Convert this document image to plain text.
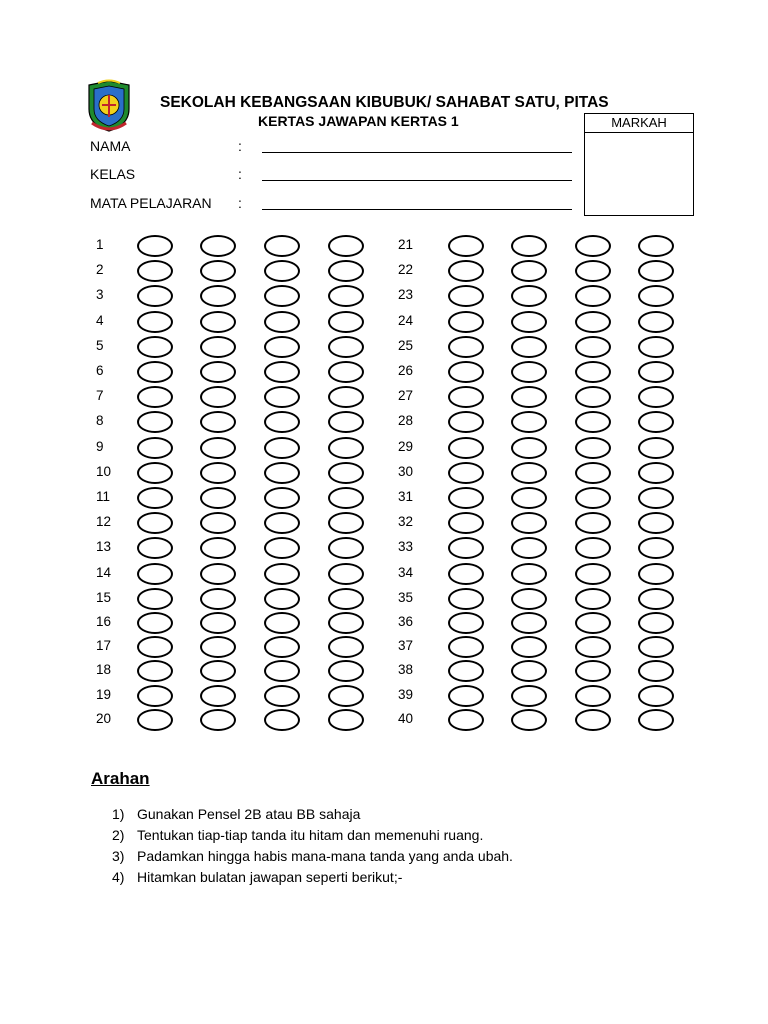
SEKOLAH KEBANGSAAN KIBUBUK/ SAHABAT SATU, PITAS
KERTAS JAWAPAN KERTAS 1	MARKAH
NAMA	:
KELAS	:
MATA PELAJARAN :
1
2
3
4
5
6
7
8
9
10
11
12
13
14
15
16
17
18
19
20
21
22
23
24
25
26
27
28
29
30
31
32
33
34
35
36
37
38
39
40
Arahan
1) Gunakan Pensel 2B atau BB sahaja
2) Tentukan tiap-tiap tanda itu hitam dan memenuhi ruang.
3) Padamkan hingga habis mana-mana tanda yang anda ubah.
4) Hitamkan bulatan jawapan seperti berikut;-
